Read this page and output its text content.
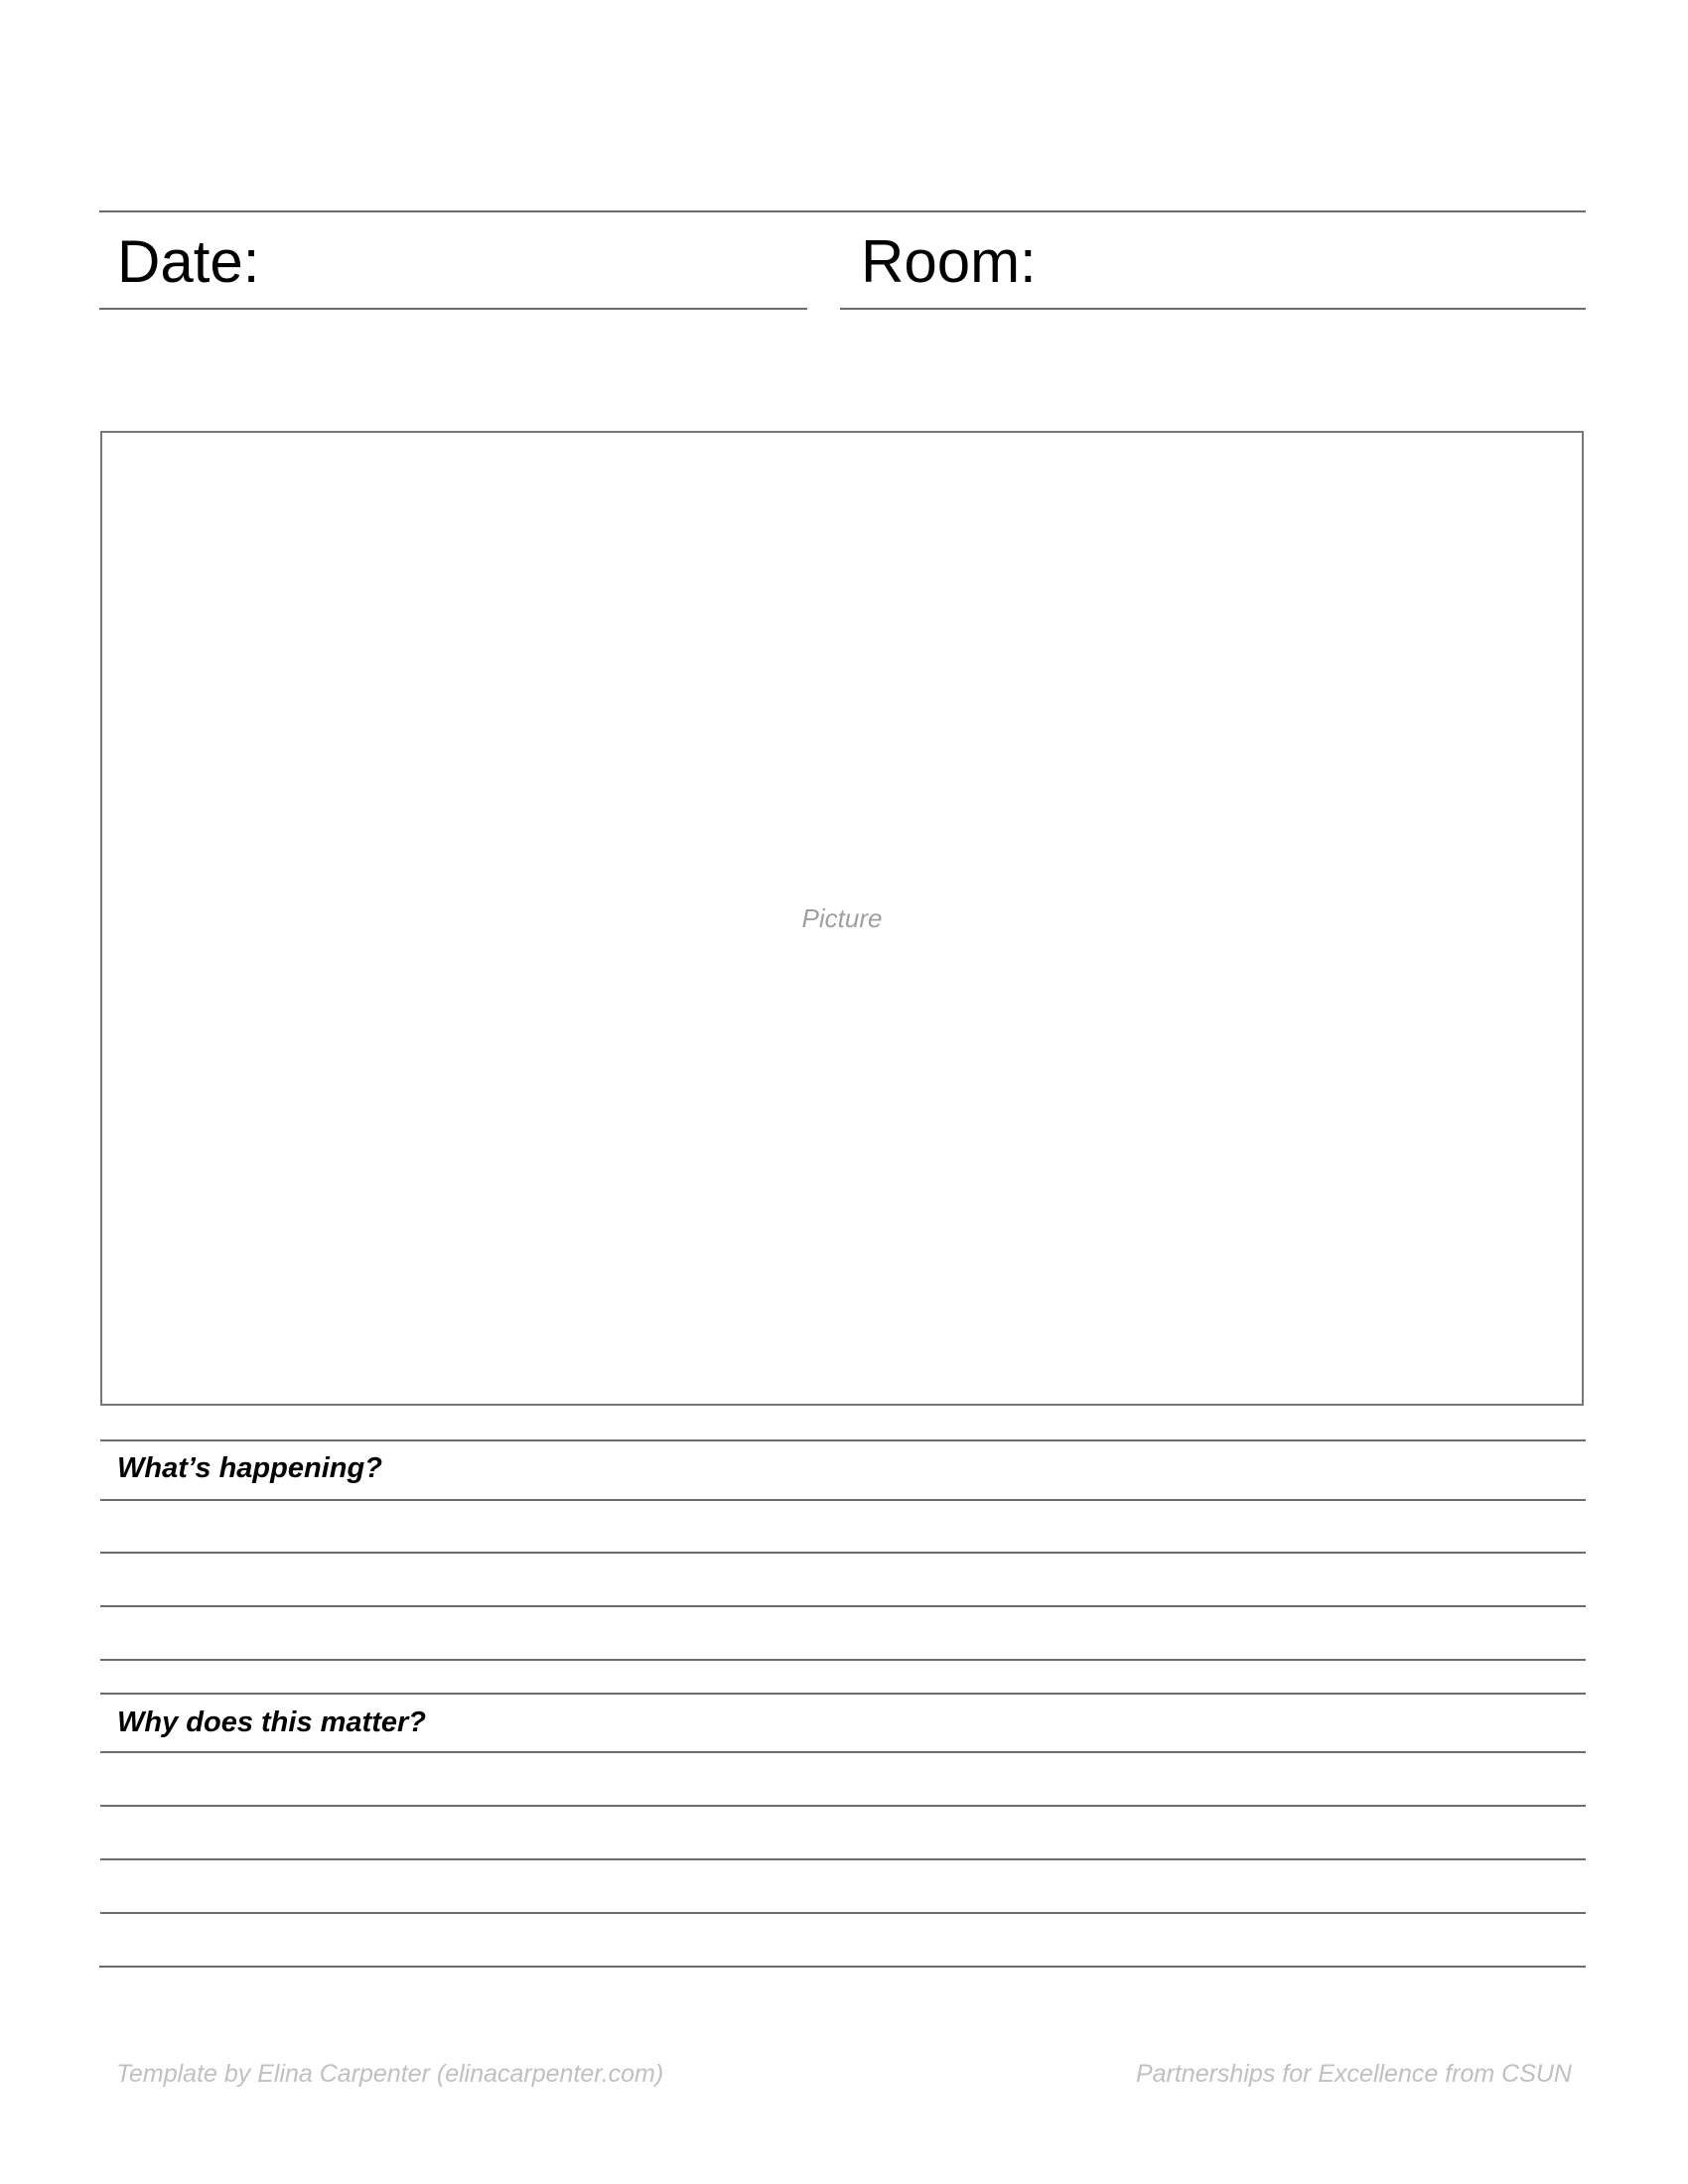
Date:	Room:
Picture
What’s happening?
Why does this matter?
Template by Elina Carpenter (elinacarpenter.com)	Partnerships for Excellence from CSUN
